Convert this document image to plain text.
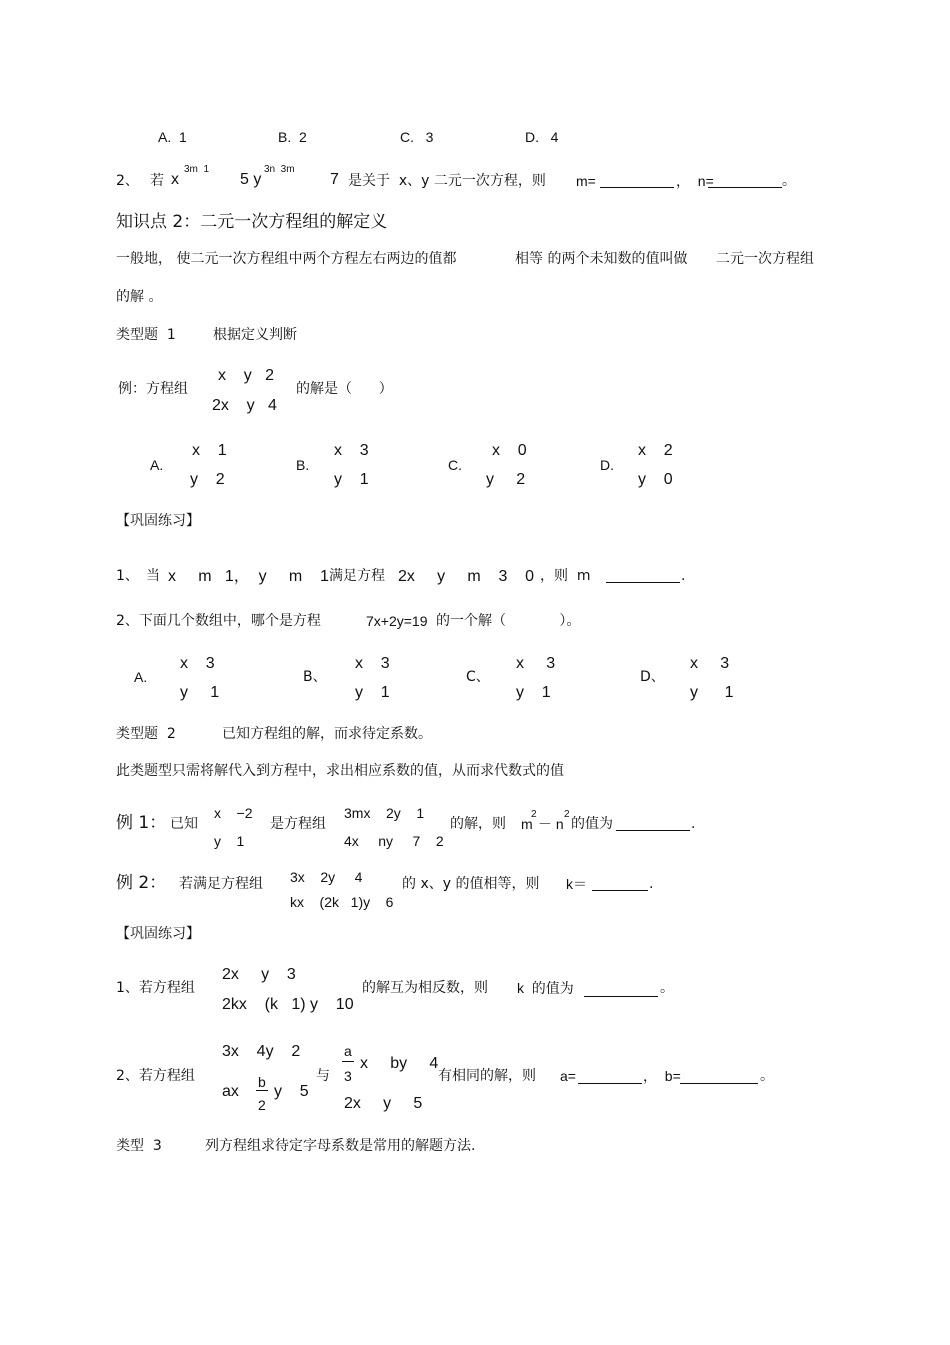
A.  1	B.  2	C.   3	D.   4
2、 若 x
3m  1
5 y
3n  3m
7 是关于  x、y 二元一次方程，则 m=	，  n=	。
知识点 2：二元一次方程组的解定义
一般地， 使二元一次方程组中两个方程左右两边的值都	相等 的两个未知数的值叫做 二元一次方程组
的解 。
类型题  1	根据定义判断
例：方程组
x    y   2
2x    y   4
的解是（      ）
A.
x    1
y    2
B.
x    3
y    1
C.
x    0
y     2
D.
x    2
y    0
【巩固练习】
1、 当 x     m   1，  y     m    1 满足方程 2x     y     m    3    0 ，则  m	.
2、下面几个数组中，哪个是方程	7x+2y=19 的一个解（            ）。
A.
x    3
y     1
B、
x    3
y    1
C、
x     3
y    1
D、
x     3
y      1
类型题  2	已知方程组的解，而求待定系数。
此类题型只需将解代入到方程中，求出相应系数的值，从而求代数式的值
例 1： 已知
x    −2
y    1
是方程组
3mx    2y    1
4x     ny     7    2
的解，则 m
2
－ n
2
的值为	.
例 2： 若满足方程组 3x    2y     4
kx    (2k   1)y    6
的 x、y 的值相等，则 k＝	.
【巩固练习】
1、若方程组
2x     y    3
2kx    (k   1) y    10
的解互为相反数，则 k  的值为	。
2、若方程组
3x    4y    2
ax
b
2
y    5
与
a
3
x     by     4
2x     y     5
有相同的解，则 a=	，  b=	。
类型  3	列方程组求待定字母系数是常用的解题方法.
